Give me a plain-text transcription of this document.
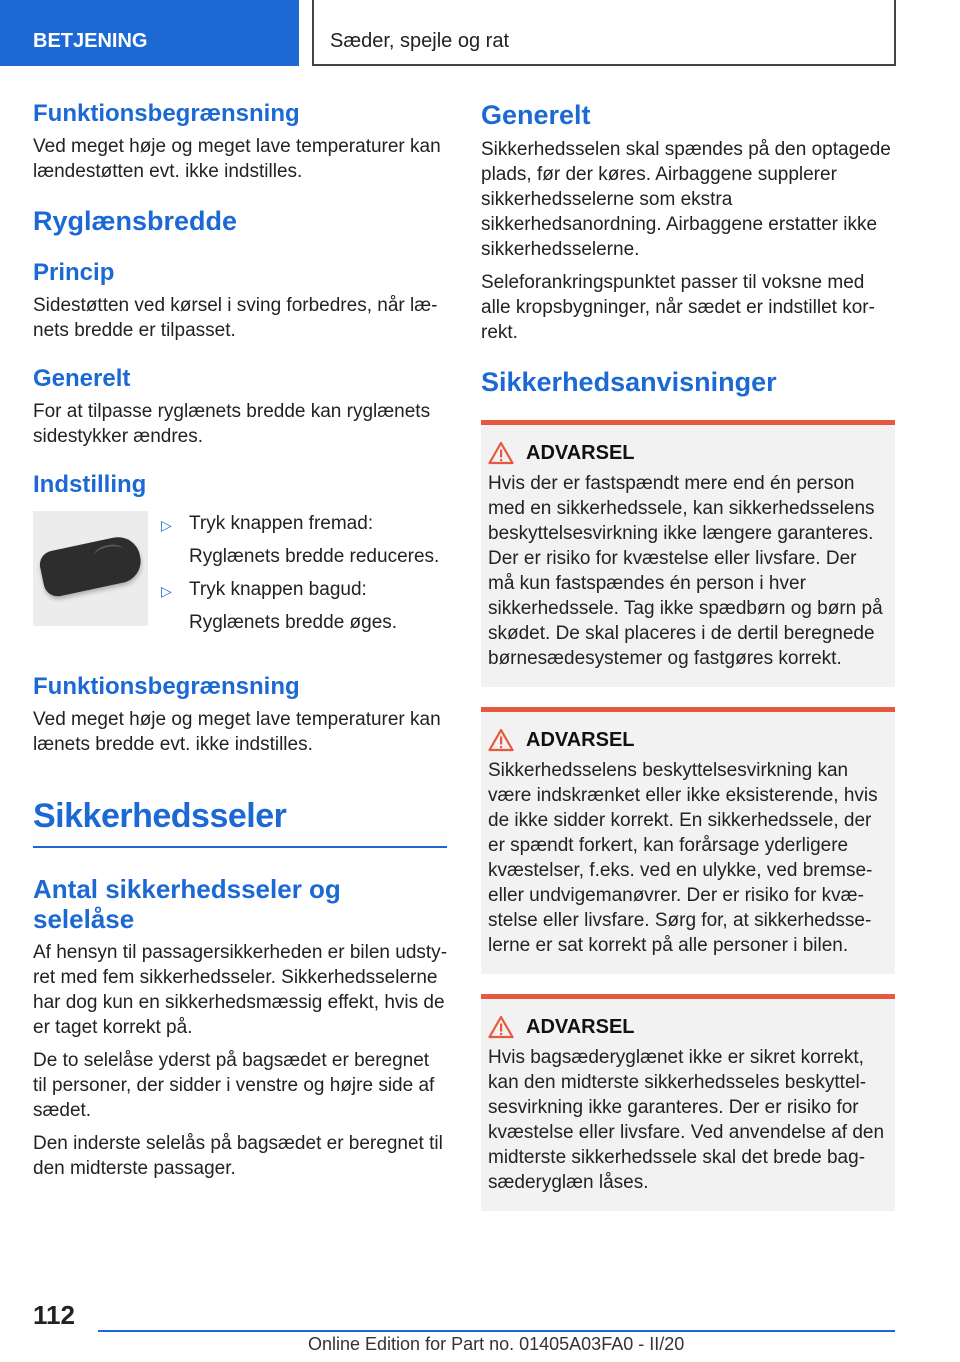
BETJENING	Sæder, spejle og rat
Funktionsbegrænsning

Ved meget høje og meget lave temperaturer kan lændestøtten evt. ikke indstilles.

Ryglænsbredde
Princip

Sidestøtten ved kørsel i sving forbedres, når lænets bredde er tilpasset.

Generelt

For at tilpasse ryglænets bredde kan ryglænets sidestykker ændres.

Indstilling
▷ Tryk knappen fremad:
Ryglænets bredde reduceres.
▷ Tryk knappen bagud:
Ryglænets bredde øges.
Funktionsbegrænsning

Ved meget høje og meget lave temperaturer kan lænets bredde evt. ikke indstilles.

Sikkerhedsseler
Antal sikkerhedsseler og selelåse

Af hensyn til passagersikkerheden er bilen udstyret med fem sikkerhedsseler. Sikkerhedsselerne har dog kun en sikkerhedsmæssig effekt, hvis de er taget korrekt på.

De to selelåse yderst på bagsædet er beregnet til personer, der sidder i venstre og højre side af sædet.

Den inderste selelås på bagsædet er beregnet til den midterste passager.

Generelt

Sikkerhedsselen skal spændes på den optagede plads, før der køres. Airbaggene supplerer sikkerhedsselerne som ekstra sikkerhedsanordning. Airbaggene erstatter ikke sikkerhedsselerne.

Seleforankringspunktet passer til voksne med alle kropsbygninger, når sædet er indstillet korrekt.

Sikkerhedsanvisninger
ADVARSEL

Hvis der er fastspændt mere end én person med en sikkerhedssele, kan sikkerhedsselens beskyttelsesvirkning ikke længere garanteres. Der er risiko for kvæstelse eller livsfare. Der må kun fastspændes én person i hver sikkerhedssele. Tag ikke spædbørn og børn på skødet. De skal placeres i de dertil beregnede børnesædesystemer og fastgøres korrekt.

ADVARSEL

Sikkerhedsselens beskyttelsesvirkning kan være indskrænket eller ikke eksisterende, hvis de ikke sidder korrekt. En sikkerhedssele, der er spændt forkert, kan forårsage yderligere kvæstelser, f.eks. ved en ulykke, ved bremse- eller undvigemanøvrer. Der er risiko for kvæstelse eller livsfare. Sørg for, at sikkerhedsselerne er sat korrekt på alle personer i bilen.

ADVARSEL

Hvis bagsæderyglænet ikke er sikret korrekt, kan den midterste sikkerhedsseles beskyttelsesvirkning ikke garanteres. Der er risiko for kvæstelse eller livsfare. Ved anvendelse af den midterste sikkerhedssele skal det brede bagsæderyglæn låses.

112
Online Edition for Part no. 01405A03FA0 - II/20
